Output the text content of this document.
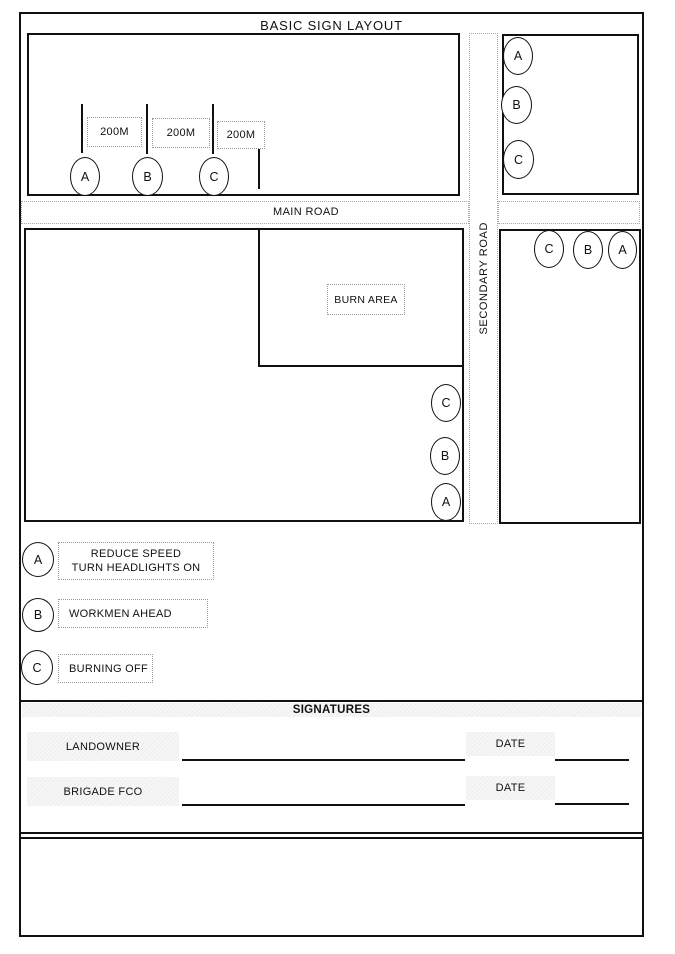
BASIC SIGN LAYOUT
200M	200M	200M
A	B	C
MAIN ROAD
SECONDARY ROAD
A
B
C
C	B	A
BURN AREA
C
B
A
A	REDUCE SPEED
TURN HEADLIGHTS ON
B	WORKMEN AHEAD
C	BURNING OFF
SIGNATURES
LANDOWNER	DATE
BRIGADE FCO	DATE
